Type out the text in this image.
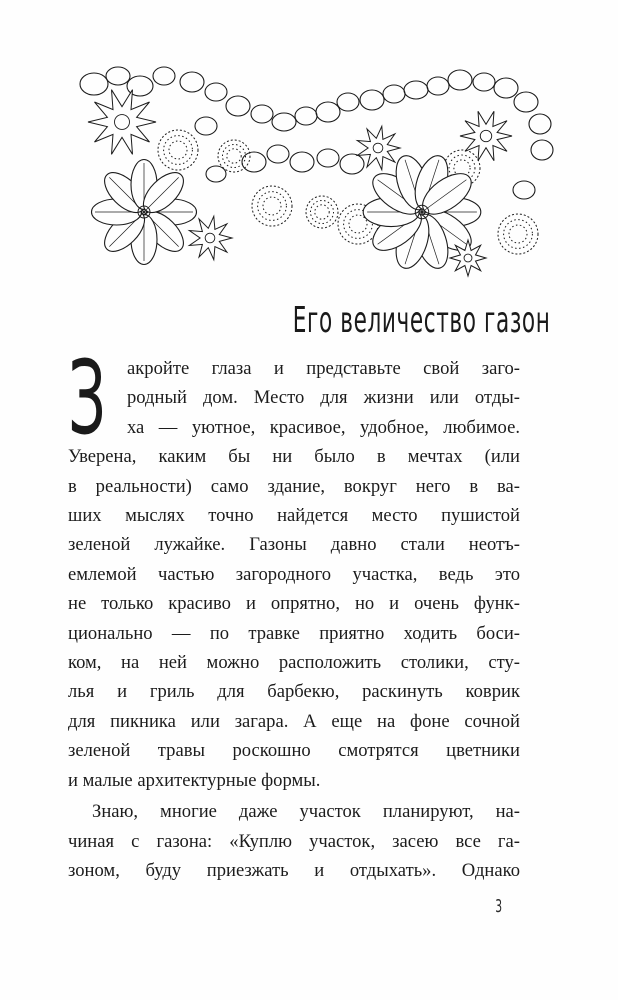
Его величество газон

З акройте глаза и представьте свой заго-
родный дом. Место для жизни или отды-
ха — уютное, красивое, удобное, любимое.
Уверена, каким бы ни было в мечтах (или
в реальности) само здание, вокруг него в ва-
ших мыслях точно найдется место пушистой
зеленой лужайке. Газоны давно стали неотъ-
емлемой частью загородного участка, ведь это
не только красиво и опрятно, но и очень функ-
ционально — по травке приятно ходить боси-
ком, на ней можно расположить столики, сту-
лья и гриль для барбекю, раскинуть коврик
для пикника или загара. А еще на фоне сочной
зеленой травы роскошно смотрятся цветники
и малые архитектурные формы.

Знаю, многие даже участок планируют, на-
чиная с газона: «Куплю участок, засею все га-
зоном, буду приезжать и отдыхать». Однако

3
